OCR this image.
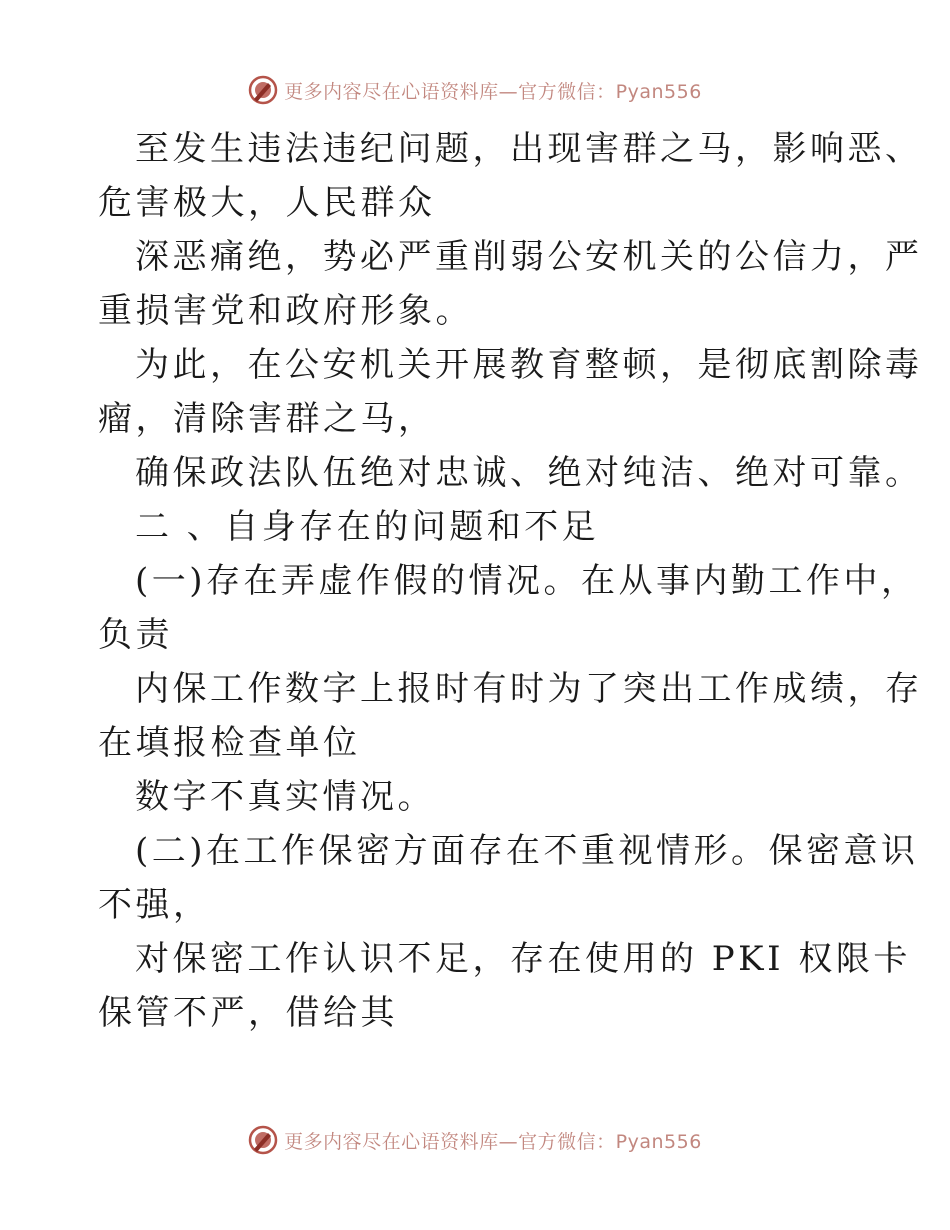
更多内容尽在心语资料库—官方微信：Pyan556
至发生违法违纪问题，出现害群之马，影响恶、
危害极大，人民群众
深恶痛绝，势必严重削弱公安机关的公信力，严
重损害党和政府形象。
为此，在公安机关开展教育整顿，是彻底割除毒
瘤，清除害群之马，
确保政法队伍绝对忠诚、绝对纯洁、绝对可靠。
二 、自身存在的问题和不足
(一)存在弄虚作假的情况。在从事内勤工作中，
负责
内保工作数字上报时有时为了突出工作成绩，存
在填报检查单位
数字不真实情况。
(二)在工作保密方面存在不重视情形。保密意识
不强，
对保密工作认识不足，存在使用的 PKI 权限卡
保管不严，借给其
更多内容尽在心语资料库—官方微信：Pyan556
